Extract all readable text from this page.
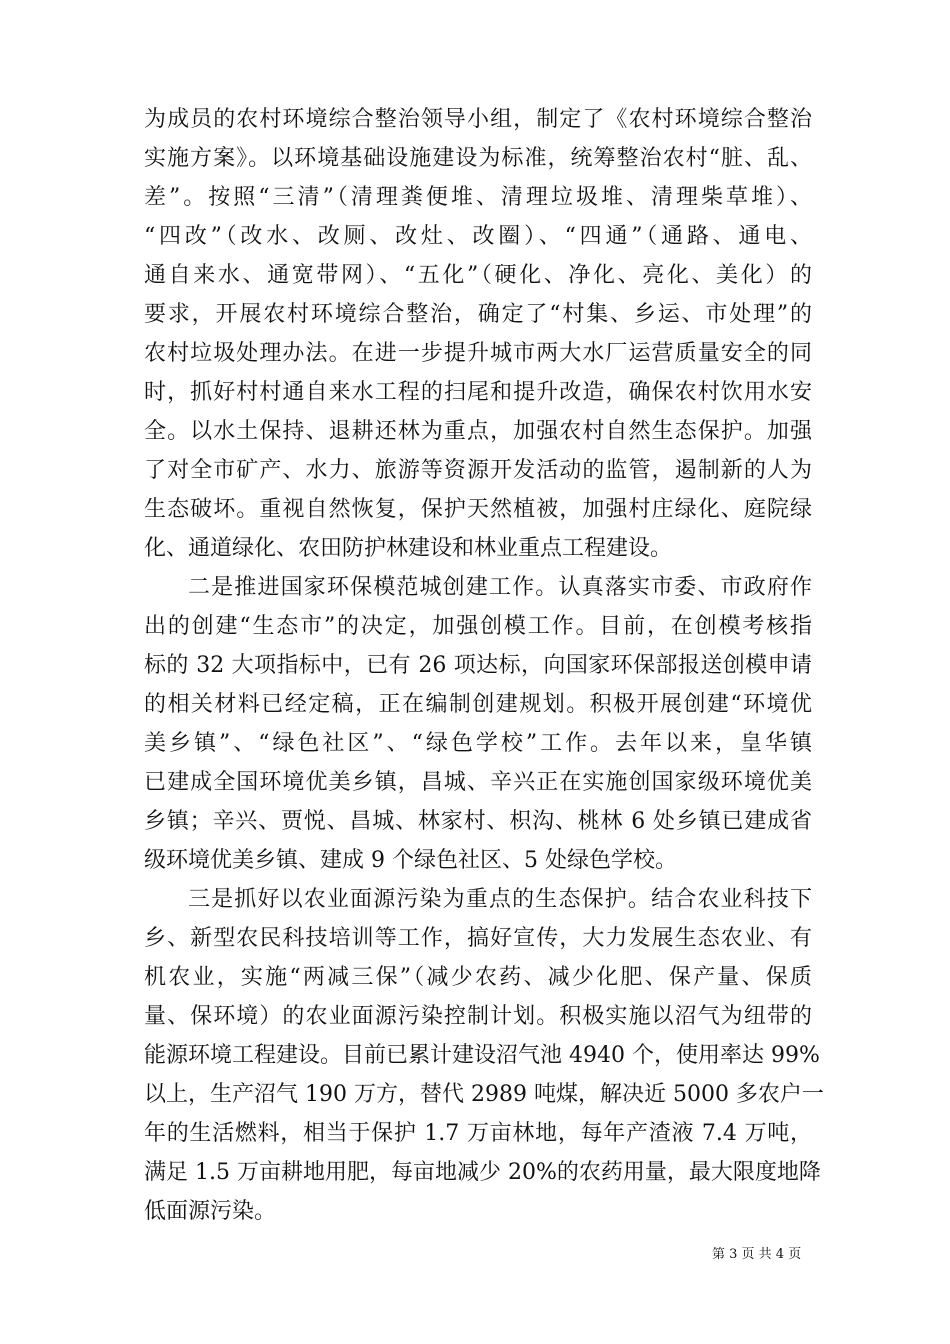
为成员的农村环境综合整治领导小组，制定了《农村环境综合整治
实施方案》。以环境基础设施建设为标准，统筹整治农村“脏、乱、
差”。按照“三清”（清理粪便堆、清理垃圾堆、清理柴草堆）、
“四改”（改水、改厕、改灶、改圈）、“四通”（通路、通电、
通自来水、通宽带网）、“五化”（硬化、净化、亮化、美化）的
要求，开展农村环境综合整治，确定了“村集、乡运、市处理”的
农村垃圾处理办法。在进一步提升城市两大水厂运营质量安全的同
时，抓好村村通自来水工程的扫尾和提升改造，确保农村饮用水安
全。以水土保持、退耕还林为重点，加强农村自然生态保护。加强
了对全市矿产、水力、旅游等资源开发活动的监管，遏制新的人为
生态破坏。重视自然恢复，保护天然植被，加强村庄绿化、庭院绿
化、通道绿化、农田防护林建设和林业重点工程建设。
二是推进国家环保模范城创建工作。认真落实市委、市政府作
出的创建“生态市”的决定，加强创模工作。目前，在创模考核指
标的 32 大项指标中，已有 26 项达标，向国家环保部报送创模申请
的相关材料已经定稿，正在编制创建规划。积极开展创建“环境优
美乡镇”、“绿色社区”、“绿色学校”工作。去年以来，皇华镇
已建成全国环境优美乡镇，昌城、辛兴正在实施创国家级环境优美
乡镇；辛兴、贾悦、昌城、林家村、枳沟、桃林 6 处乡镇已建成省
级环境优美乡镇、建成 9 个绿色社区、5 处绿色学校。
三是抓好以农业面源污染为重点的生态保护。结合农业科技下
乡、新型农民科技培训等工作，搞好宣传，大力发展生态农业、有
机农业，实施“两减三保”（减少农药、减少化肥、保产量、保质
量、保环境）的农业面源污染控制计划。积极实施以沼气为纽带的
能源环境工程建设。目前已累计建设沼气池 4940 个，使用率达 99%
以上，生产沼气 190 万方，替代 2989 吨煤，解决近 5000 多农户一
年的生活燃料，相当于保护 1.7 万亩林地，每年产渣液 7.4 万吨，
满足 1.5 万亩耕地用肥，每亩地减少 20%的农药用量，最大限度地降
低面源污染。
第 3 页 共 4 页
